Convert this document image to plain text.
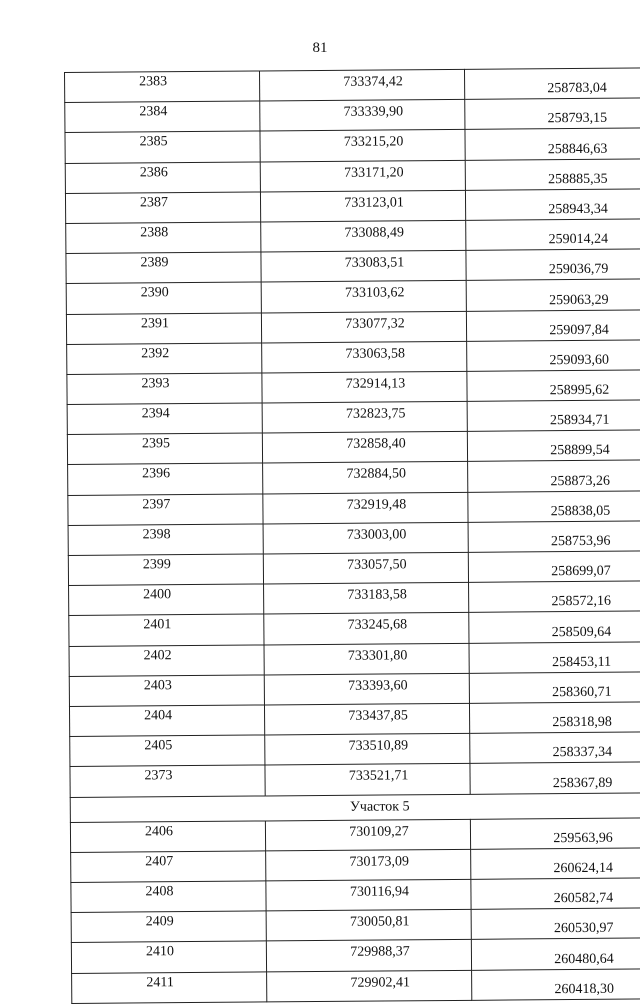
81
2383	733374,42	258783,04
2384	733339,90	258793,15
2385	733215,20	258846,63
2386	733171,20	258885,35
2387	733123,01	258943,34
2388	733088,49	259014,24
2389	733083,51	259036,79
2390	733103,62	259063,29
2391	733077,32	259097,84
2392	733063,58	259093,60
2393	732914,13	258995,62
2394	732823,75	258934,71
2395	732858,40	258899,54
2396	732884,50	258873,26
2397	732919,48	258838,05
2398	733003,00	258753,96
2399	733057,50	258699,07
2400	733183,58	258572,16
2401	733245,68	258509,64
2402	733301,80	258453,11
2403	733393,60	258360,71
2404	733437,85	258318,98
2405	733510,89	258337,34
2373	733521,71	258367,89
Участок 5		
2406	730109,27	259563,96
2407	730173,09	260624,14
2408	730116,94	260582,74
2409	730050,81	260530,97
2410	729988,37	260480,64
2411	729902,41	260418,30
